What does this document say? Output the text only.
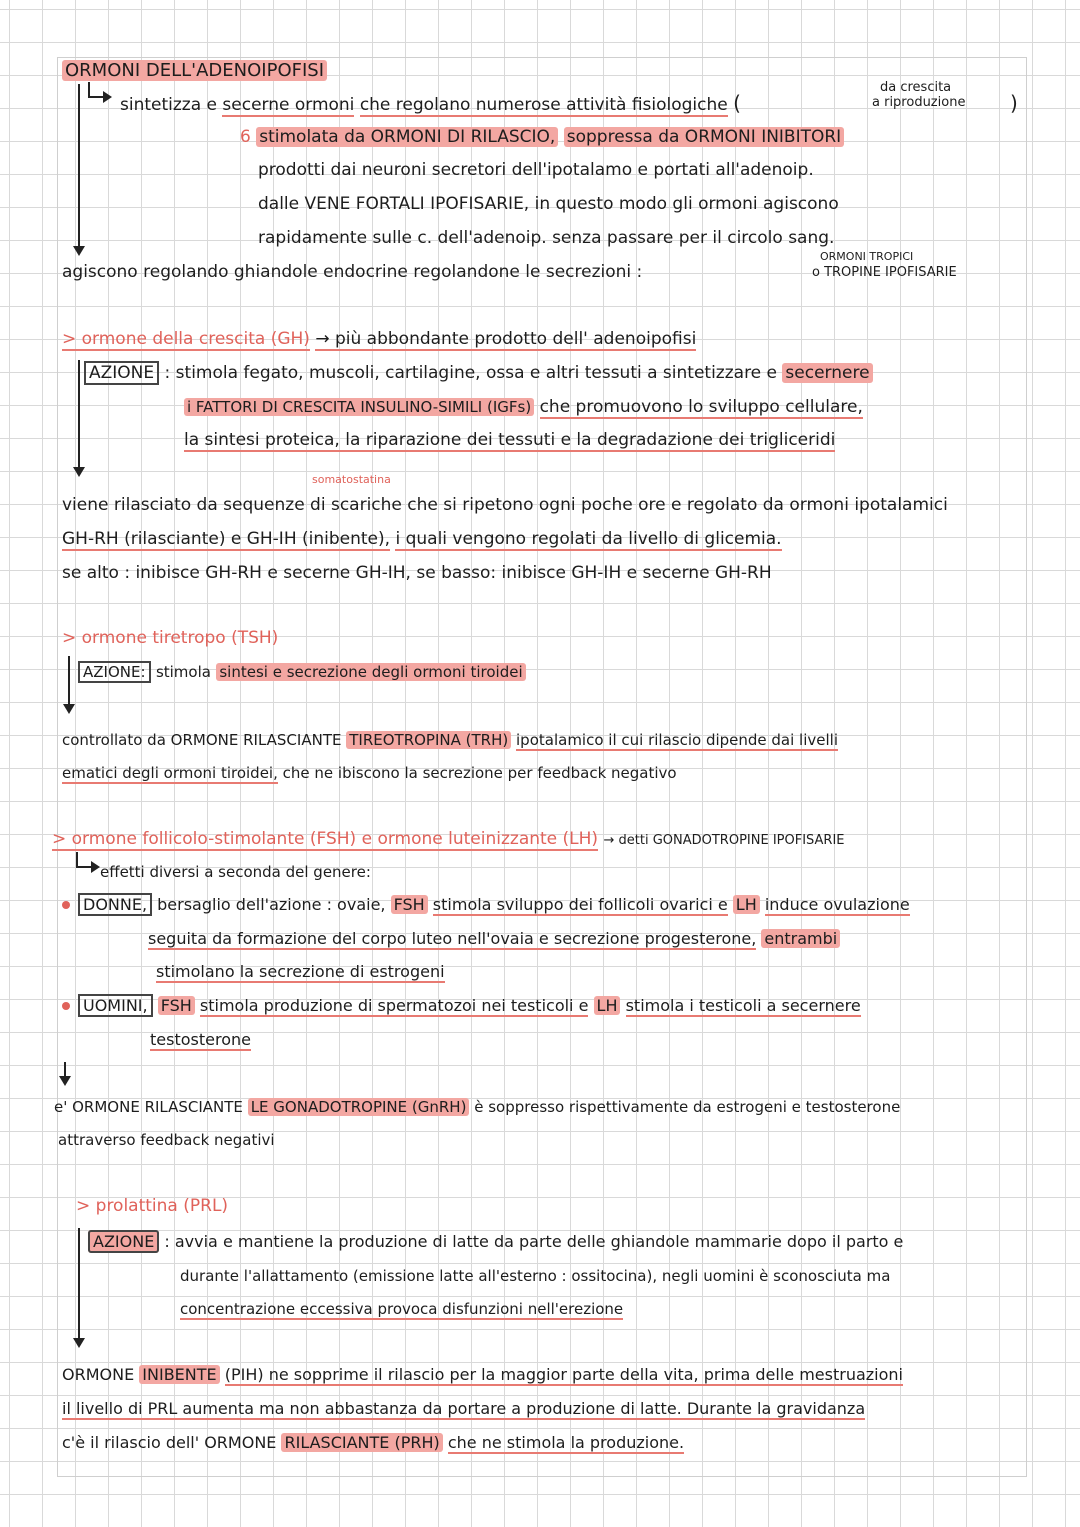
ORMONI DELL'ADENOIPOFISI
sintetizza e secerne ormoni che regolano numerose attività fisiologiche (
da crescita
a riproduzione )
6 stimolata da ORMONI DI RILASCIO, soppressa da ORMONI INIBITORI
prodotti dai neuroni secretori dell'ipotalamo e portati all'adenoip.
dalle VENE FORTALI IPOFISARIE, in questo modo gli ormoni agiscono
rapidamente sulle c. dell'adenoip. senza passare per il circolo sang.
ORMONI TROPICI
agiscono regolando ghiandole endocrine regolandone le secrezioni :	o TROPINE IPOFISARIE
> ormone della crescita (GH) → più abbondante prodotto dell' adenoipofisi
AZIONE : stimola fegato, muscoli, cartilagine, ossa e altri tessuti a sintetizzare e secernere
i FATTORI DI CRESCITA INSULINO-SIMILI (IGFs) che promuovono lo sviluppo cellulare,
la sintesi proteica, la riparazione dei tessuti e la degradazione dei trigliceridi
somatostatina
viene rilasciato da sequenze di scariche che si ripetono ogni poche ore e regolato da ormoni ipotalamici
GH-RH (rilasciante) e GH-IH (inibente), i quali vengono regolati da livello di glicemia.
se alto : inibisce GH-RH e secerne GH-IH, se basso: inibisce GH-IH e secerne GH-RH
> ormone tiretropo (TSH)
AZIONE: stimola sintesi e secrezione degli ormoni tiroidei
controllato da ORMONE RILASCIANTE TIREOTROPINA (TRH) ipotalamico il cui rilascio dipende dai livelli
ematici degli ormoni tiroidei, che ne ibiscono la secrezione per feedback negativo
> ormone follicolo-stimolante (FSH) e ormone luteinizzante (LH) → detti GONADOTROPINE IPOFISARIE
effetti diversi a seconda del genere:
DONNE, bersaglio dell'azione : ovaie, FSH stimola sviluppo dei follicoli ovarici e LH induce ovulazione
seguita da formazione del corpo luteo nell'ovaia e secrezione progesterone, entrambi
stimolano la secrezione di estrogeni
UOMINI, FSH stimola produzione di spermatozoi nei testicoli e LH stimola i testicoli a secernere
testosterone
e' ORMONE RILASCIANTE LE GONADOTROPINE (GnRH) è soppresso rispettivamente da estrogeni e testosterone
attraverso feedback negativi
> prolattina (PRL)
AZIONE : avvia e mantiene la produzione di latte da parte delle ghiandole mammarie dopo il parto e
durante l'allattamento (emissione latte all'esterno : ossitocina), negli uomini è sconosciuta ma
concentrazione eccessiva provoca disfunzioni nell'erezione
ORMONE INIBENTE (PIH) ne sopprime il rilascio per la maggior parte della vita, prima delle mestruazioni
il livello di PRL aumenta ma non abbastanza da portare a produzione di latte. Durante la gravidanza
c'è il rilascio dell' ORMONE RILASCIANTE (PRH) che ne stimola la produzione.
